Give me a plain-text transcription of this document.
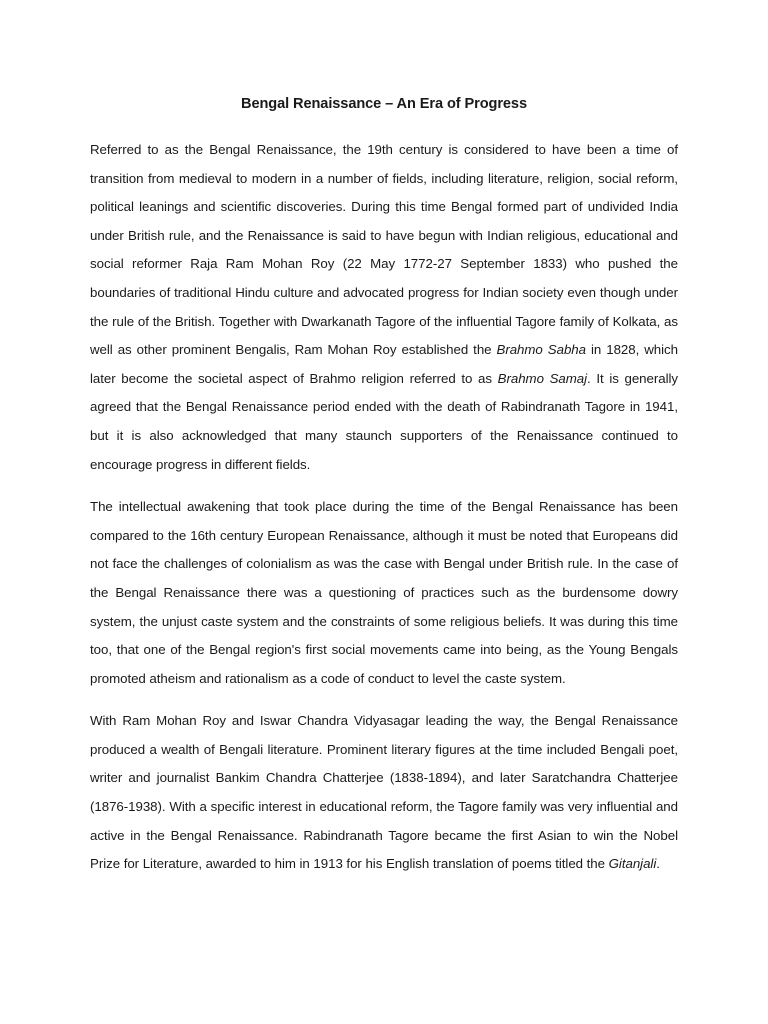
Bengal Renaissance – An Era of Progress

Referred to as the Bengal Renaissance, the 19th century is considered to have been a time of transition from medieval to modern in a number of fields, including literature, religion, social reform, political leanings and scientific discoveries. During this time Bengal formed part of undivided India under British rule, and the Renaissance is said to have begun with Indian religious, educational and social reformer Raja Ram Mohan Roy (22 May 1772-27 September 1833) who pushed the boundaries of traditional Hindu culture and advocated progress for Indian society even though under the rule of the British. Together with Dwarkanath Tagore of the influential Tagore family of Kolkata, as well as other prominent Bengalis, Ram Mohan Roy established the Brahmo Sabha in 1828, which later become the societal aspect of Brahmo religion referred to as Brahmo Samaj. It is generally agreed that the Bengal Renaissance period ended with the death of Rabindranath Tagore in 1941, but it is also acknowledged that many staunch supporters of the Renaissance continued to encourage progress in different fields.

The intellectual awakening that took place during the time of the Bengal Renaissance has been compared to the 16th century European Renaissance, although it must be noted that Europeans did not face the challenges of colonialism as was the case with Bengal under British rule. In the case of the Bengal Renaissance there was a questioning of practices such as the burdensome dowry system, the unjust caste system and the constraints of some religious beliefs. It was during this time too, that one of the Bengal region's first social movements came into being, as the Young Bengals promoted atheism and rationalism as a code of conduct to level the caste system.

With Ram Mohan Roy and Iswar Chandra Vidyasagar leading the way, the Bengal Renaissance produced a wealth of Bengali literature. Prominent literary figures at the time included Bengali poet, writer and journalist Bankim Chandra Chatterjee (1838-1894), and later Saratchandra Chatterjee (1876-1938). With a specific interest in educational reform, the Tagore family was very influential and active in the Bengal Renaissance. Rabindranath Tagore became the first Asian to win the Nobel Prize for Literature, awarded to him in 1913 for his English translation of poems titled the Gitanjali.
